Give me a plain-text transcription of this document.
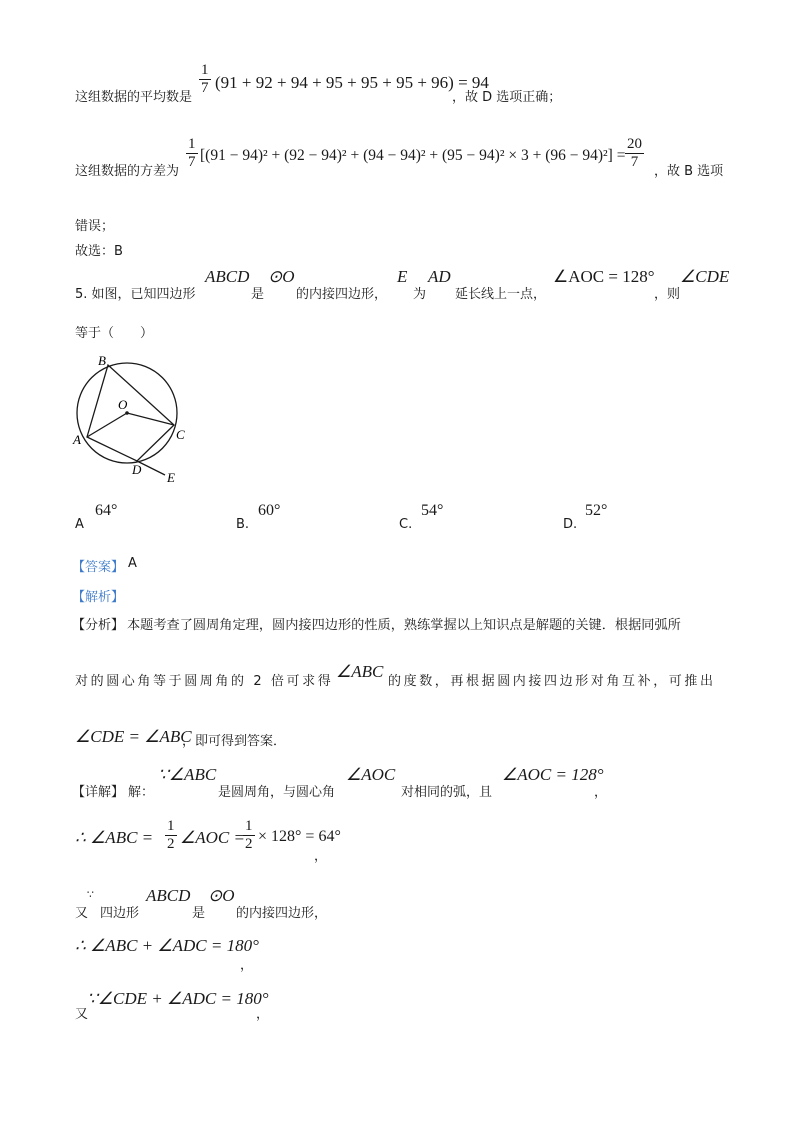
这组数据的平均数是
$\frac{1}{7} (91 + 92 + 94 + 95 + 95 + 95 + 96) = 94$
，故 D 选项正确；
这组数据的方差为
$\frac{1}{7} [(91 - 94)^2 + (92 - 94)^2 + (94 - 94)^2 + (95 - 94)^2 \times 3 + (96 - 94)^2] = \frac{20}{7}$
，故 B 选项
错误；
故选：B
5. 如图，已知四边形
ABCD
是
⊙O
的内接四边形，
E
为
AD
延长线上一点，
∠AOC = 128°
，则
∠CDE
等于（　　）
B
O
A	C
D
E
A
64°
B.
60°
C.
54°
D.
52°
【答案】 A
【解析】
【分析】 本题考查了圆周角定理，圆内接四边形的性质，熟练掌握以上知识点是解题的关键．根据同弧所
对的圆心角等于圆周角的 2 倍可求得
∠ABC
的度数，再根据圆内接四边形对角互补，可推出
∠CDE = ∠ABC
，即可得到答案．
【详解】 解：
∵∠ABC
是圆周角，与圆心角
∠AOC
对相同的弧，且
∠AOC = 128°
，
∴ ∠ABC = $\frac{1}{2}$ ∠AOC =
$\frac{1}{2} \times 128^\circ = 64^\circ$
，
又
∵
四边形
ABCD
是
⊙O
的内接四边形，
∴ ∠ABC + ∠ADC = 180°
，
又
∵∠CDE + ∠ADC = 180°
，
